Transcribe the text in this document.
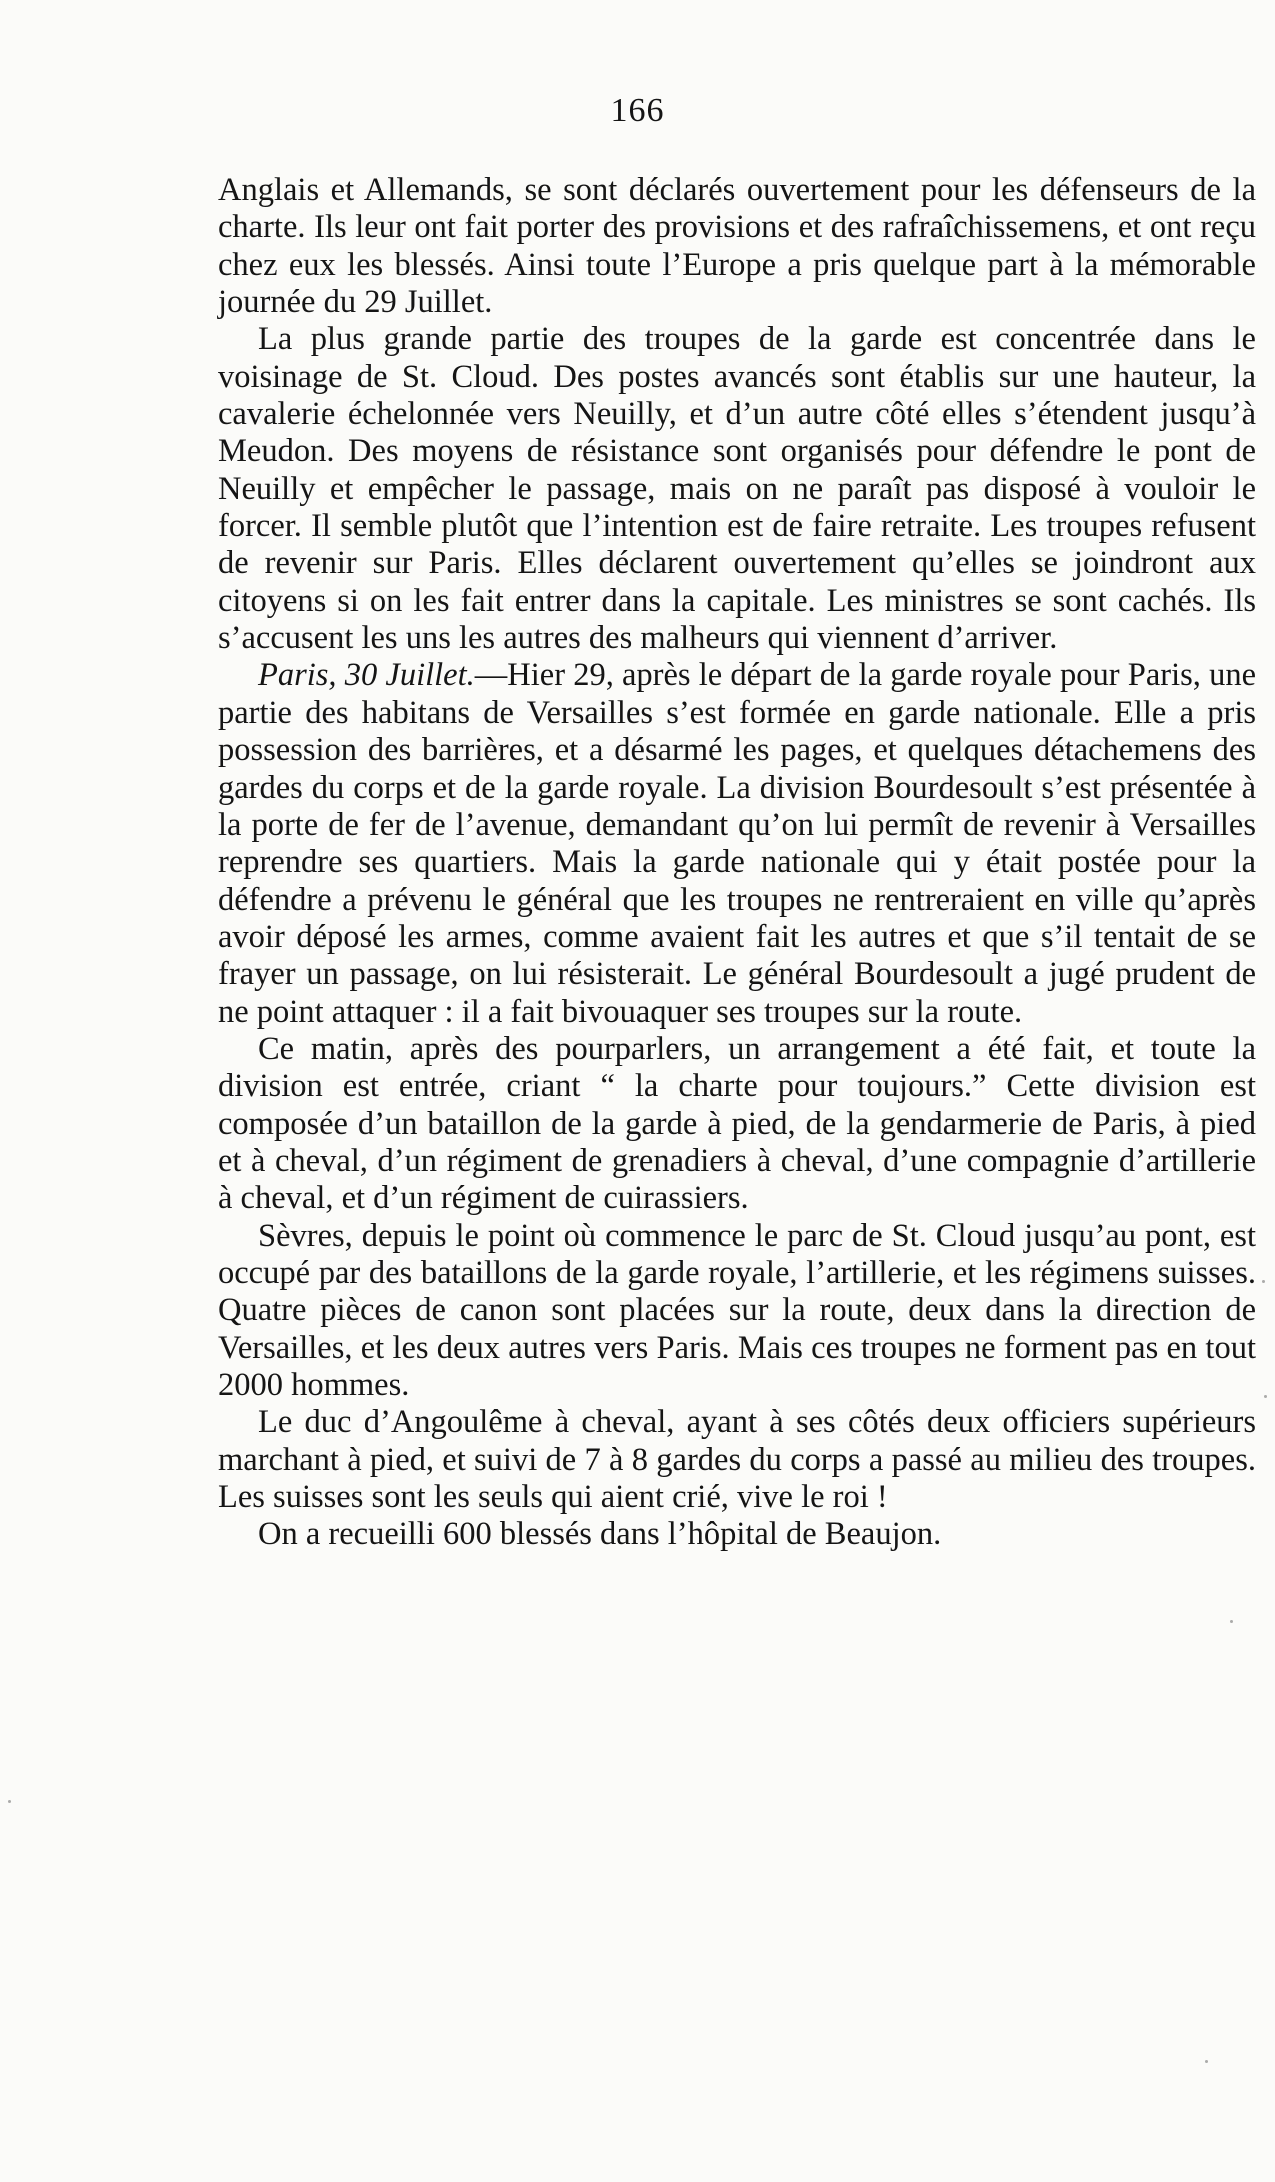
166

Anglais et Allemands, se sont déclarés ouvertement pour les défenseurs de la charte. Ils leur ont fait porter des provisions et des rafraîchissemens, et ont reçu chez eux les blessés. Ainsi toute l’Europe a pris quelque part à la mémorable journée du 29 Juillet.

La plus grande partie des troupes de la garde est concentrée dans le voisinage de St. Cloud. Des postes avancés sont établis sur une hauteur, la cavalerie échelonnée vers Neuilly, et d’un autre côté elles s’étendent jusqu’à Meudon. Des moyens de résistance sont organisés pour défendre le pont de Neuilly et empêcher le passage, mais on ne paraît pas disposé à vouloir le forcer. Il semble plutôt que l’intention est de faire retraite. Les troupes refusent de revenir sur Paris. Elles déclarent ouvertement qu’elles se joindront aux citoyens si on les fait entrer dans la capitale. Les ministres se sont cachés. Ils s’accusent les uns les autres des malheurs qui viennent d’arriver.

Paris, 30 Juillet.—Hier 29, après le départ de la garde royale pour Paris, une partie des habitans de Versailles s’est formée en garde nationale. Elle a pris possession des barrières, et a désarmé les pages, et quelques détachemens des gardes du corps et de la garde royale. La division Bourdesoult s’est présentée à la porte de fer de l’avenue, demandant qu’on lui permît de revenir à Versailles reprendre ses quartiers. Mais la garde nationale qui y était postée pour la défendre a prévenu le général que les troupes ne rentreraient en ville qu’après avoir déposé les armes, comme avaient fait les autres et que s’il tentait de se frayer un passage, on lui résisterait. Le général Bourdesoult a jugé prudent de ne point attaquer : il a fait bivouaquer ses troupes sur la route.

Ce matin, après des pourparlers, un arrangement a été fait, et toute la division est entrée, criant “ la charte pour toujours.” Cette division est composée d’un bataillon de la garde à pied, de la gendarmerie de Paris, à pied et à cheval, d’un régiment de grenadiers à cheval, d’une compagnie d’artillerie à cheval, et d’un régiment de cuirassiers.

Sèvres, depuis le point où commence le parc de St. Cloud jusqu’au pont, est occupé par des bataillons de la garde royale, l’artillerie, et les régimens suisses. Quatre pièces de canon sont placées sur la route, deux dans la direction de Versailles, et les deux autres vers Paris. Mais ces troupes ne forment pas en tout 2000 hommes.

Le duc d’Angoulême à cheval, ayant à ses côtés deux officiers supérieurs marchant à pied, et suivi de 7 à 8 gardes du corps a passé au milieu des troupes. Les suisses sont les seuls qui aient crié, vive le roi !

On a recueilli 600 blessés dans l’hôpital de Beaujon.
